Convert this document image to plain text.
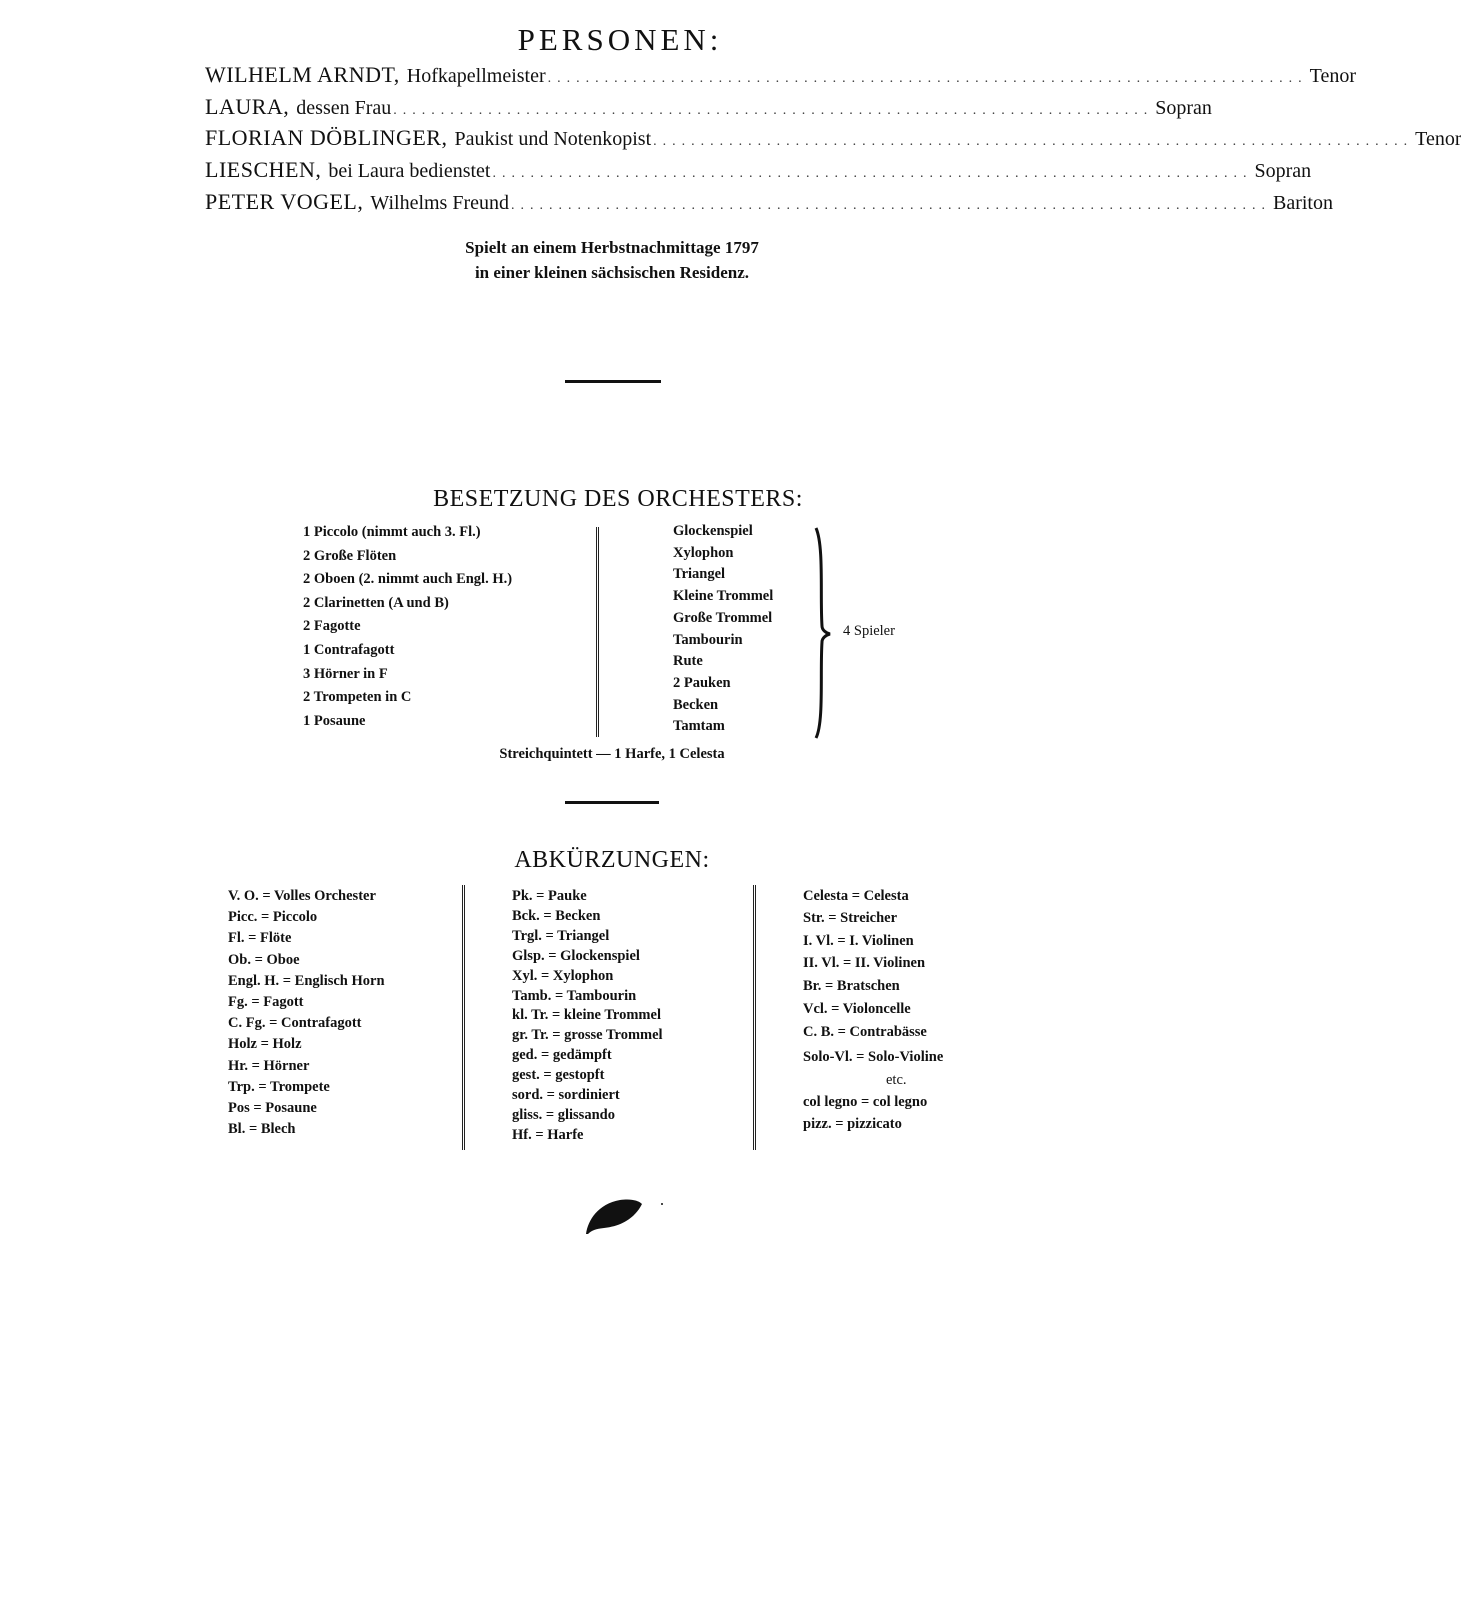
PERSONEN:
WILHELM ARNDT, Hofkapellmeister ................................................................................ Tenor
LAURA, dessen Frau ................................................................................ Sopran
FLORIAN DÖBLINGER, Paukist und Notenkopist ................................................................................ Tenor
LIESCHEN, bei Laura bedienstet ................................................................................ Sopran
PETER VOGEL, Wilhelms Freund ................................................................................ Bariton
Spielt an einem Herbstnachmittage 1797
in einer kleinen sächsischen Residenz.
BESETZUNG DES ORCHESTERS:
1 Piccolo (nimmt auch 3. Fl.)
2 Große Flöten
2 Oboen (2. nimmt auch Engl. H.)
2 Clarinetten (A und B)
2 Fagotte
1 Contrafagott
3 Hörner in F
2 Trompeten in C
1 Posaune
Glockenspiel
Xylophon
Triangel
Kleine Trommel
Große Trommel
Tambourin
Rute
2 Pauken
Becken
Tamtam
4 Spieler
Streichquintett — 1 Harfe, 1 Celesta
ABKÜRZUNGEN:
V. O. = Volles Orchester
Picc. = Piccolo
Fl. = Flöte
Ob. = Oboe
Engl. H. = Englisch Horn
Fg. = Fagott
C. Fg. = Contrafagott
Holz = Holz
Hr. = Hörner
Trp. = Trompete
Pos = Posaune
Bl. = Blech
Pk. = Pauke
Bck. = Becken
Trgl. = Triangel
Glsp. = Glockenspiel
Xyl. = Xylophon
Tamb. = Tambourin
kl. Tr. = kleine Trommel
gr. Tr. = grosse Trommel
ged. = gedämpft
gest. = gestopft
sord. = sordiniert
gliss. = glissando
Hf. = Harfe
Celesta = Celesta
Str. = Streicher
I. Vl. = I. Violinen
II. Vl. = II. Violinen
Br. = Bratschen
Vcl. = Violoncelle
C. B. = Contrabässe
Solo-Vl. = Solo-Violine
etc.
col legno = col legno
pizz. = pizzicato
